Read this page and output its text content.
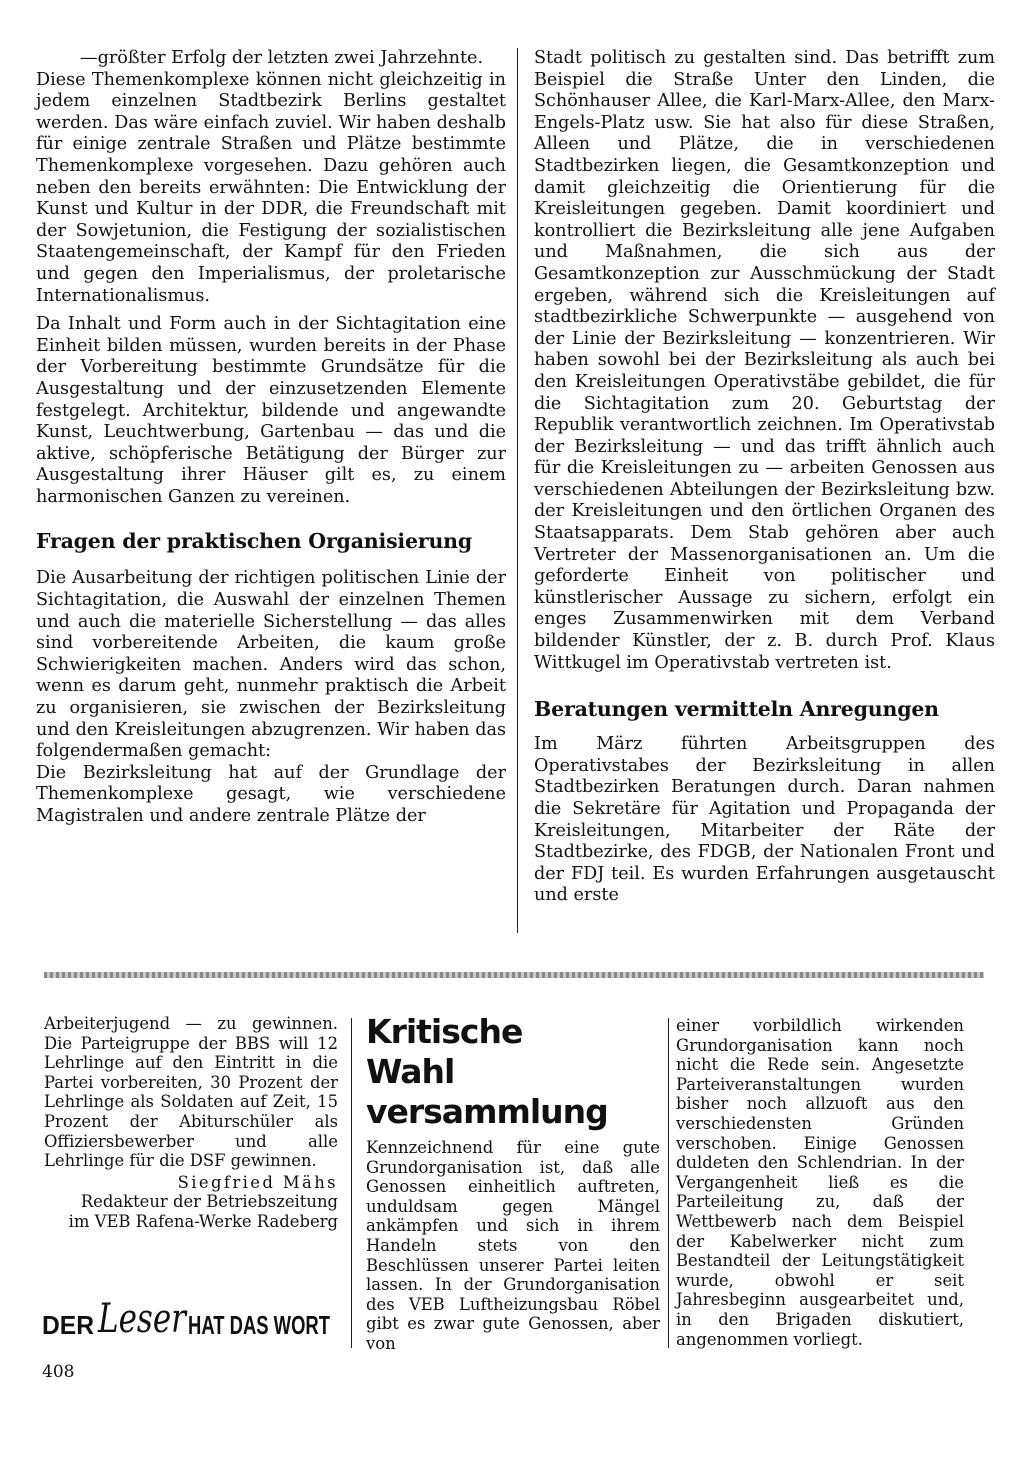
—größter Erfolg der letzten zwei Jahrzehnte.

Diese Themenkomplexe können nicht gleichzeitig in jedem einzelnen Stadtbezirk Berlins gestaltet werden. Das wäre einfach zuviel. Wir haben deshalb für einige zentrale Straßen und Plätze bestimmte Themenkomplexe vorgesehen. Dazu gehören auch neben den bereits erwähnten: Die Entwicklung der Kunst und Kultur in der DDR, die Freundschaft mit der Sowjetunion, die Festigung der sozialistischen Staatengemeinschaft, der Kampf für den Frieden und gegen den Imperialismus, der proletarische Internationalismus.

Da Inhalt und Form auch in der Sichtagitation eine Einheit bilden müssen, wurden bereits in der Phase der Vorbereitung bestimmte Grundsätze für die Ausgestaltung und der einzusetzenden Elemente festgelegt. Architektur, bildende und angewandte Kunst, Leuchtwerbung, Gartenbau — das und die aktive, schöpferische Betätigung der Bürger zur Ausgestaltung ihrer Häuser gilt es, zu einem harmonischen Ganzen zu vereinen.

Fragen der praktischen Organisierung

Die Ausarbeitung der richtigen politischen Linie der Sichtagitation, die Auswahl der einzelnen Themen und auch die materielle Sicherstellung — das alles sind vorbereitende Arbeiten, die kaum große Schwierigkeiten machen. Anders wird das schon, wenn es darum geht, nunmehr praktisch die Arbeit zu organisieren, sie zwischen der Bezirksleitung und den Kreisleitungen abzugrenzen. Wir haben das folgendermaßen gemacht:

Die Bezirksleitung hat auf der Grundlage der Themenkomplexe gesagt, wie verschiedene Magistralen und andere zentrale Plätze der

Stadt politisch zu gestalten sind. Das betrifft zum Beispiel die Straße Unter den Linden, die Schönhauser Allee, die Karl-Marx-Allee, den Marx-Engels-Platz usw. Sie hat also für diese Straßen, Alleen und Plätze, die in verschiedenen Stadtbezirken liegen, die Gesamtkonzeption und damit gleichzeitig die Orientierung für die Kreisleitungen gegeben. Damit koordiniert und kontrolliert die Bezirksleitung alle jene Aufgaben und Maßnahmen, die sich aus der Gesamtkonzeption zur Ausschmückung der Stadt ergeben, während sich die Kreisleitungen auf stadtbezirkliche Schwerpunkte — ausgehend von der Linie der Bezirksleitung — konzentrieren. Wir haben sowohl bei der Bezirksleitung als auch bei den Kreisleitungen Operativstäbe gebildet, die für die Sichtagitation zum 20. Geburtstag der Republik verantwortlich zeichnen. Im Operativstab der Bezirksleitung — und das trifft ähnlich auch für die Kreisleitungen zu — arbeiten Genossen aus verschiedenen Abteilungen der Bezirksleitung bzw. der Kreisleitungen und den örtlichen Organen des Staatsapparats. Dem Stab gehören aber auch Vertreter der Massenorganisationen an. Um die geforderte Einheit von politischer und künstlerischer Aussage zu sichern, erfolgt ein enges Zusammenwirken mit dem Verband bildender Künstler, der z. B. durch Prof. Klaus Wittkugel im Operativstab vertreten ist.

Beratungen vermitteln Anregungen

Im März führten Arbeitsgruppen des Operativstabes der Bezirksleitung in allen Stadtbezirken Beratungen durch. Daran nahmen die Sekretäre für Agitation und Propaganda der Kreisleitungen, Mitarbeiter der Räte der Stadtbezirke, des FDGB, der Nationalen Front und der FDJ teil. Es wurden Erfahrungen ausgetauscht und erste

Arbeiterjugend — zu gewinnen. Die Parteigruppe der BBS will 12 Lehrlinge auf den Eintritt in die Partei vorbereiten, 30 Prozent der Lehrlinge als Soldaten auf Zeit, 15 Prozent der Abiturschüler als Offiziersbewerber und alle Lehrlinge für die DSF gewinnen.

Siegfried Mähs
Redakteur der Betriebszeitung
im VEB Rafena-Werke Radeberg
DER Leser HAT DAS WORT
Kritische
Wahl
versammlung

Kennzeichnend für eine gute Grundorganisation ist, daß alle Genossen einheitlich auftreten, unduldsam gegen Mängel ankämpfen und sich in ihrem Handeln stets von den Beschlüssen unserer Partei leiten lassen. In der Grundorganisation des VEB Luftheizungsbau Röbel gibt es zwar gute Genossen, aber von

einer vorbildlich wirkenden Grundorganisation kann noch nicht die Rede sein. Angesetzte Parteiveranstaltungen wurden bisher noch allzuoft aus den verschiedensten Gründen verschoben. Einige Genossen duldeten den Schlendrian. In der Vergangenheit ließ es die Parteileitung zu, daß der Wettbewerb nach dem Beispiel der Kabelwerker nicht zum Bestandteil der Leitungstätigkeit wurde, obwohl er seit Jahresbeginn ausgearbeitet und, in den Brigaden diskutiert, angenommen vorliegt.

408
